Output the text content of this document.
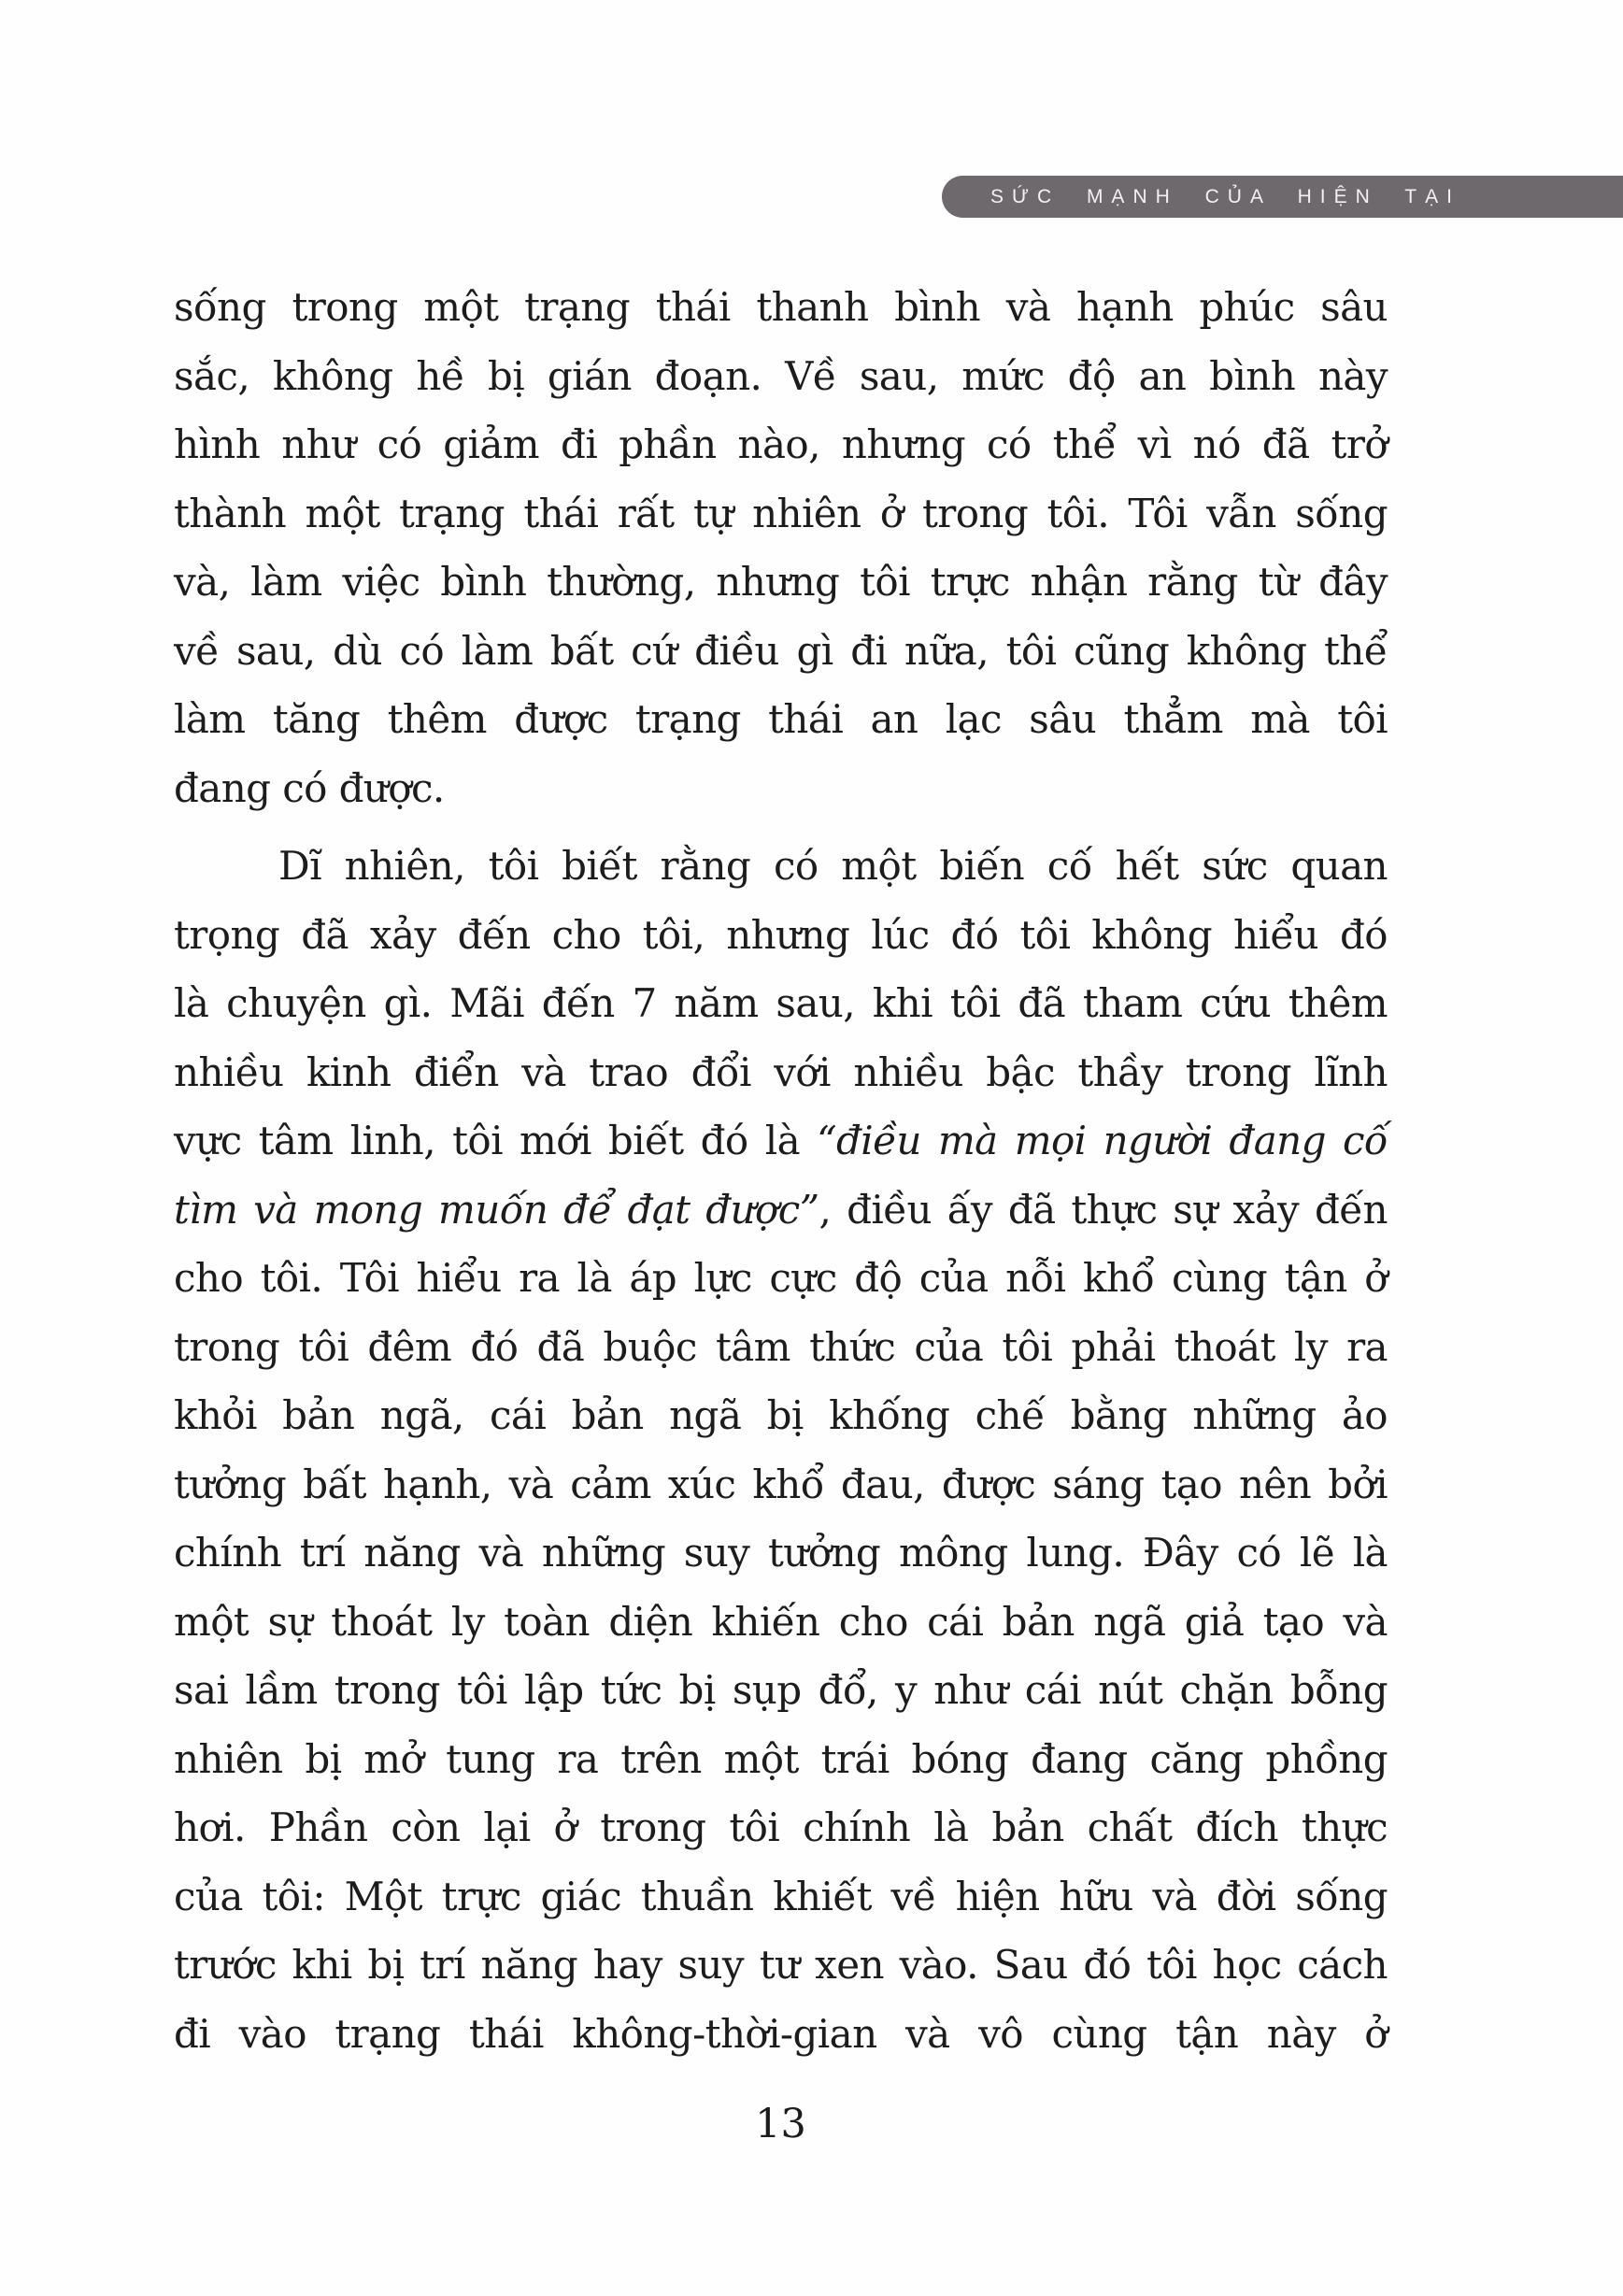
SỨC MẠNH CỦA HIỆN TẠI
sống trong một trạng thái thanh bình và hạnh phúc sâu
sắc, không hề bị gián đoạn. Về sau, mức độ an bình này
hình như có giảm đi phần nào, nhưng có thể vì nó đã trở
thành một trạng thái rất tự nhiên ở trong tôi. Tôi vẫn sống
và, làm việc bình thường, nhưng tôi trực nhận rằng từ đây
về sau, dù có làm bất cứ điều gì đi nữa, tôi cũng không thể
làm tăng thêm được trạng thái an lạc sâu thẳm mà tôi
đang có được.
Dĩ nhiên, tôi biết rằng có một biến cố hết sức quan
trọng đã xảy đến cho tôi, nhưng lúc đó tôi không hiểu đó
là chuyện gì. Mãi đến 7 năm sau, khi tôi đã tham cứu thêm
nhiều kinh điển và trao đổi với nhiều bậc thầy trong lĩnh
vực tâm linh, tôi mới biết đó là “điều mà mọi người đang cố
tìm và mong muốn để đạt được”, điều ấy đã thực sự xảy đến
cho tôi. Tôi hiểu ra là áp lực cực độ của nỗi khổ cùng tận ở
trong tôi đêm đó đã buộc tâm thức của tôi phải thoát ly ra
khỏi bản ngã, cái bản ngã bị khống chế bằng những ảo
tưởng bất hạnh, và cảm xúc khổ đau, được sáng tạo nên bởi
chính trí năng và những suy tưởng mông lung. Đây có lẽ là
một sự thoát ly toàn diện khiến cho cái bản ngã giả tạo và
sai lầm trong tôi lập tức bị sụp đổ, y như cái nút chặn bỗng
nhiên bị mở tung ra trên một trái bóng đang căng phồng
hơi. Phần còn lại ở trong tôi chính là bản chất đích thực
của tôi: Một trực giác thuần khiết về hiện hữu và đời sống
trước khi bị trí năng hay suy tư xen vào. Sau đó tôi học cách
đi vào trạng thái không-thời-gian và vô cùng tận này ở
13
